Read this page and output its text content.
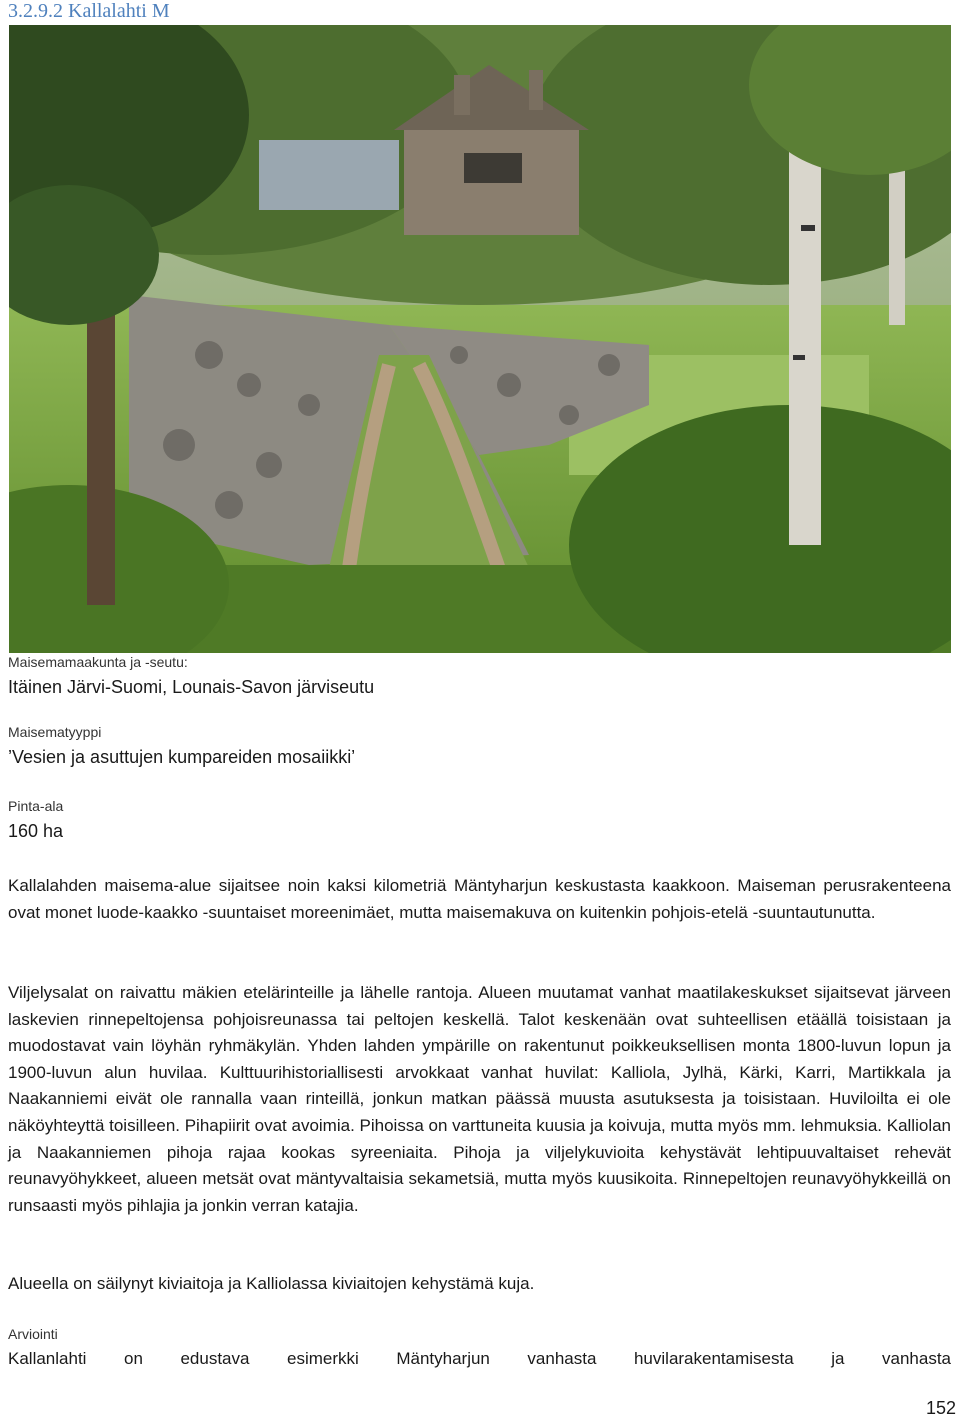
3.2.9.2 Kallalahti M

Maisemamaakunta ja -seutu:

Itäinen Järvi-Suomi, Lounais-Savon järviseutu

Maisematyyppi

’Vesien ja asuttujen kumpareiden mosaiikki’

Pinta-ala

160 ha

Kallalahden maisema-alue sijaitsee noin kaksi kilometriä Mäntyharjun keskustasta kaakkoon. Maiseman perusrakenteena ovat monet luode-kaakko -suuntaiset moreenimäet, mutta maisemakuva on kuitenkin pohjois-etelä -suuntautunutta.

Viljelysalat on raivattu mäkien etelärinteille ja lähelle rantoja. Alueen muutamat vanhat maatilakeskukset sijaitsevat järveen laskevien rinnepeltojensa pohjoisreunassa tai peltojen keskellä. Talot keskenään ovat suhteellisen etäällä toisistaan ja muodostavat vain löyhän ryhmäkylän. Yhden lahden ympärille on rakentunut poikkeuksellisen monta 1800-luvun lopun ja 1900-luvun alun huvilaa. Kulttuurihistoriallisesti arvokkaat vanhat huvilat: Kalliola, Jylhä, Kärki, Karri, Martikkala ja Naakanniemi eivät ole rannalla vaan rinteillä, jonkun matkan päässä muusta asutuksesta ja toisistaan. Huviloilta ei ole näköyhteyttä toisilleen. Pihapiirit ovat avoimia. Pihoissa on varttuneita kuusia ja koivuja, mutta myös mm. lehmuksia. Kalliolan ja Naakanniemen pihoja rajaa kookas syreeniaita. Pihoja ja viljelykuvioita kehystävät lehtipuuvaltaiset rehevät reunavyöhykkeet, alueen metsät ovat mäntyvaltaisia sekametsiä, mutta myös kuusikoita. Rinnepeltojen reunavyöhykkeillä on runsaasti myös pihlajia ja jonkin verran katajia.

Alueella on säilynyt kiviaitoja ja Kalliolassa kiviaitojen kehystämä kuja.

Arviointi

Kallanlahti on edustava esimerkki Mäntyharjun vanhasta huvilarakentamisesta ja vanhasta

152
